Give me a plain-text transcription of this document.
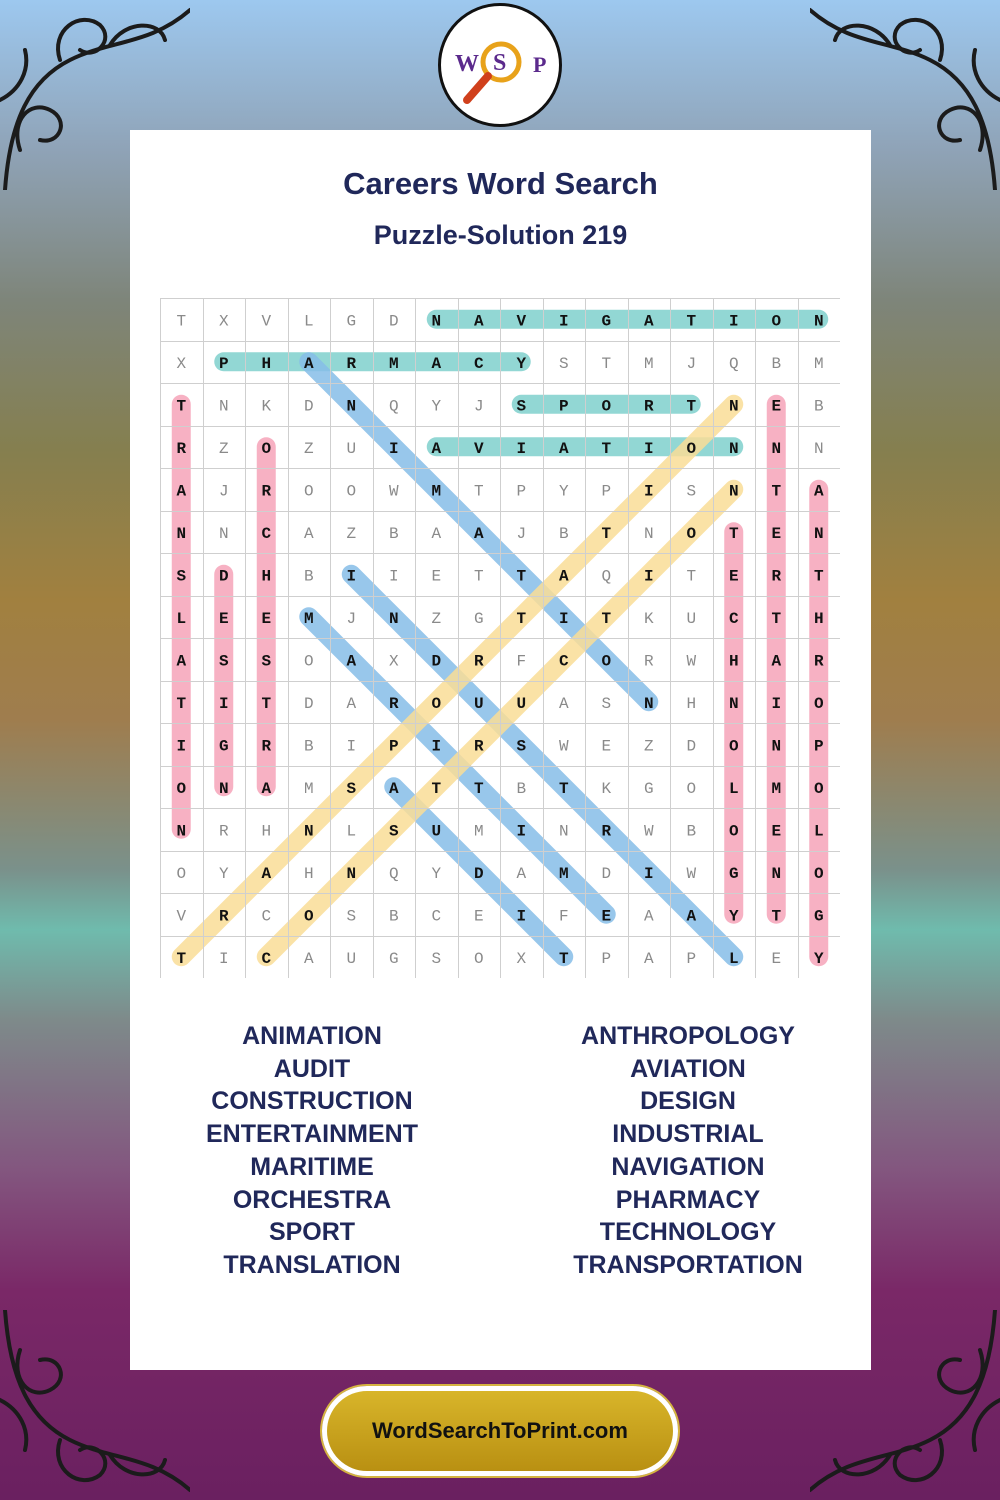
W S P
Careers Word Search
Puzzle-Solution 219
T X V L G D N A V I G A T I O N
X P H A R M A C Y S T M J Q B M
T N K D N Q Y J S P O R T N E B
R Z O Z U I A V I A T I O N N N
A J R O O W M T P Y P I S N T A
N N C A Z B A A J B T N O T E N
S D H B I I E T T A Q I T E R T
L E E M J N Z G T I T K U C T H
A S S O A X D R F C O R W H A R
T I T D A R O U U A S N H N I O
I G R B I P I R S W E Z D O N P
O N A M S A T T B T K G O L M O
N R H N L S U M I N R W B O E L
O Y A H N Q Y D A M D I W G N O
V R C O S B C E I F E A A Y T G
T I C A U G S O X T P A P L E Y
ANIMATION
AUDIT
CONSTRUCTION
ENTERTAINMENT
MARITIME
ORCHESTRA
SPORT
TRANSLATION
ANTHROPOLOGY
AVIATION
DESIGN
INDUSTRIAL
NAVIGATION
PHARMACY
TECHNOLOGY
TRANSPORTATION
WordSearchToPrint.com
